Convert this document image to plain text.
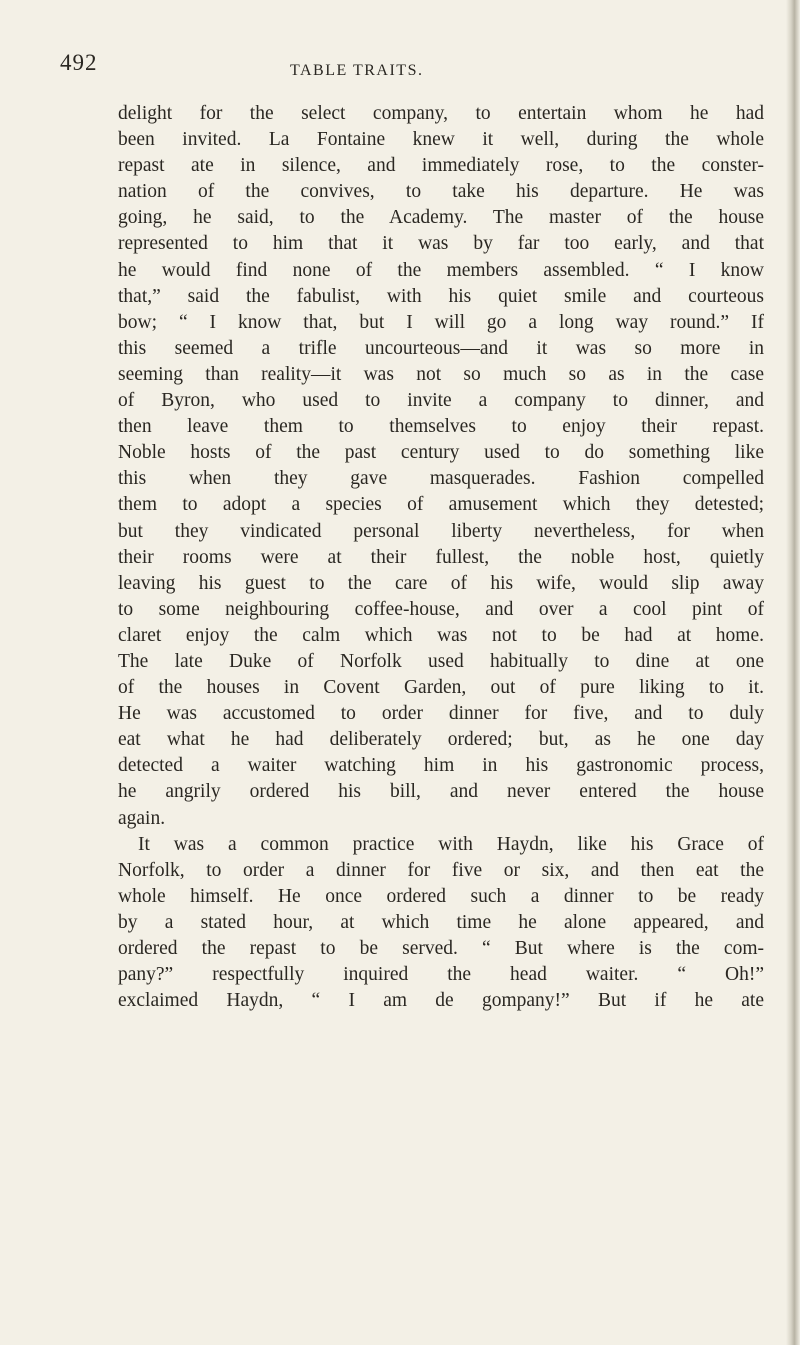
492	TABLE TRAITS.
delight for the select company, to entertain whom he had
been invited. La Fontaine knew it well, during the whole
repast ate in silence, and immediately rose, to the conster-
nation of the convives, to take his departure. He was
going, he said, to the Academy. The master of the house
represented to him that it was by far too early, and that
he would find none of the members assembled. “ I know
that,” said the fabulist, with his quiet smile and courteous
bow; “ I know that, but I will go a long way round.” If
this seemed a trifle uncourteous—and it was so more in
seeming than reality—it was not so much so as in the case
of Byron, who used to invite a company to dinner, and
then leave them to themselves to enjoy their repast.
Noble hosts of the past century used to do something like
this when they gave masquerades. Fashion compelled
them to adopt a species of amusement which they detested;
but they vindicated personal liberty nevertheless, for when
their rooms were at their fullest, the noble host, quietly
leaving his guest to the care of his wife, would slip away
to some neighbouring coffee-house, and over a cool pint of
claret enjoy the calm which was not to be had at home.
The late Duke of Norfolk used habitually to dine at one
of the houses in Covent Garden, out of pure liking to it.
He was accustomed to order dinner for five, and to duly
eat what he had deliberately ordered; but, as he one day
detected a waiter watching him in his gastronomic process,
he angrily ordered his bill, and never entered the house
again.
It was a common practice with Haydn, like his Grace of
Norfolk, to order a dinner for five or six, and then eat the
whole himself. He once ordered such a dinner to be ready
by a stated hour, at which time he alone appeared, and
ordered the repast to be served. “ But where is the com-
pany?” respectfully inquired the head waiter. “ Oh!”
exclaimed Haydn, “ I am de gompany!” But if he ate
